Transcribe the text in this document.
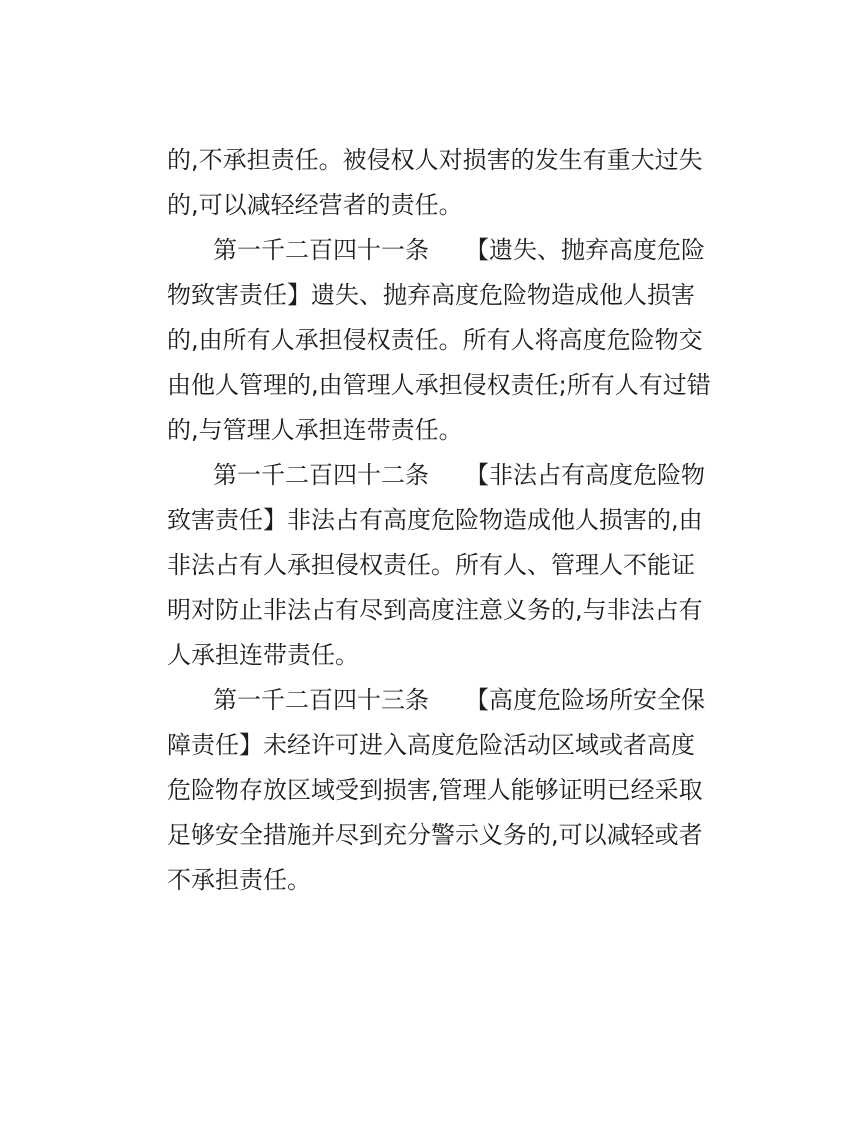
的,不承担责任。被侵权人对损害的发生有重大过失
的,可以减轻经营者的责任。
第一千二百四十一条 【遗失、抛弃高度危险
物致害责任】遗失、抛弃高度危险物造成他人损害
的,由所有人承担侵权责任。所有人将高度危险物交
由他人管理的,由管理人承担侵权责任;所有人有过错
的,与管理人承担连带责任。
第一千二百四十二条 【非法占有高度危险物
致害责任】非法占有高度危险物造成他人损害的,由
非法占有人承担侵权责任。所有人、管理人不能证
明对防止非法占有尽到高度注意义务的,与非法占有
人承担连带责任。
第一千二百四十三条 【高度危险场所安全保
障责任】未经许可进入高度危险活动区域或者高度
危险物存放区域受到损害,管理人能够证明已经采取
足够安全措施并尽到充分警示义务的,可以减轻或者
不承担责任。
